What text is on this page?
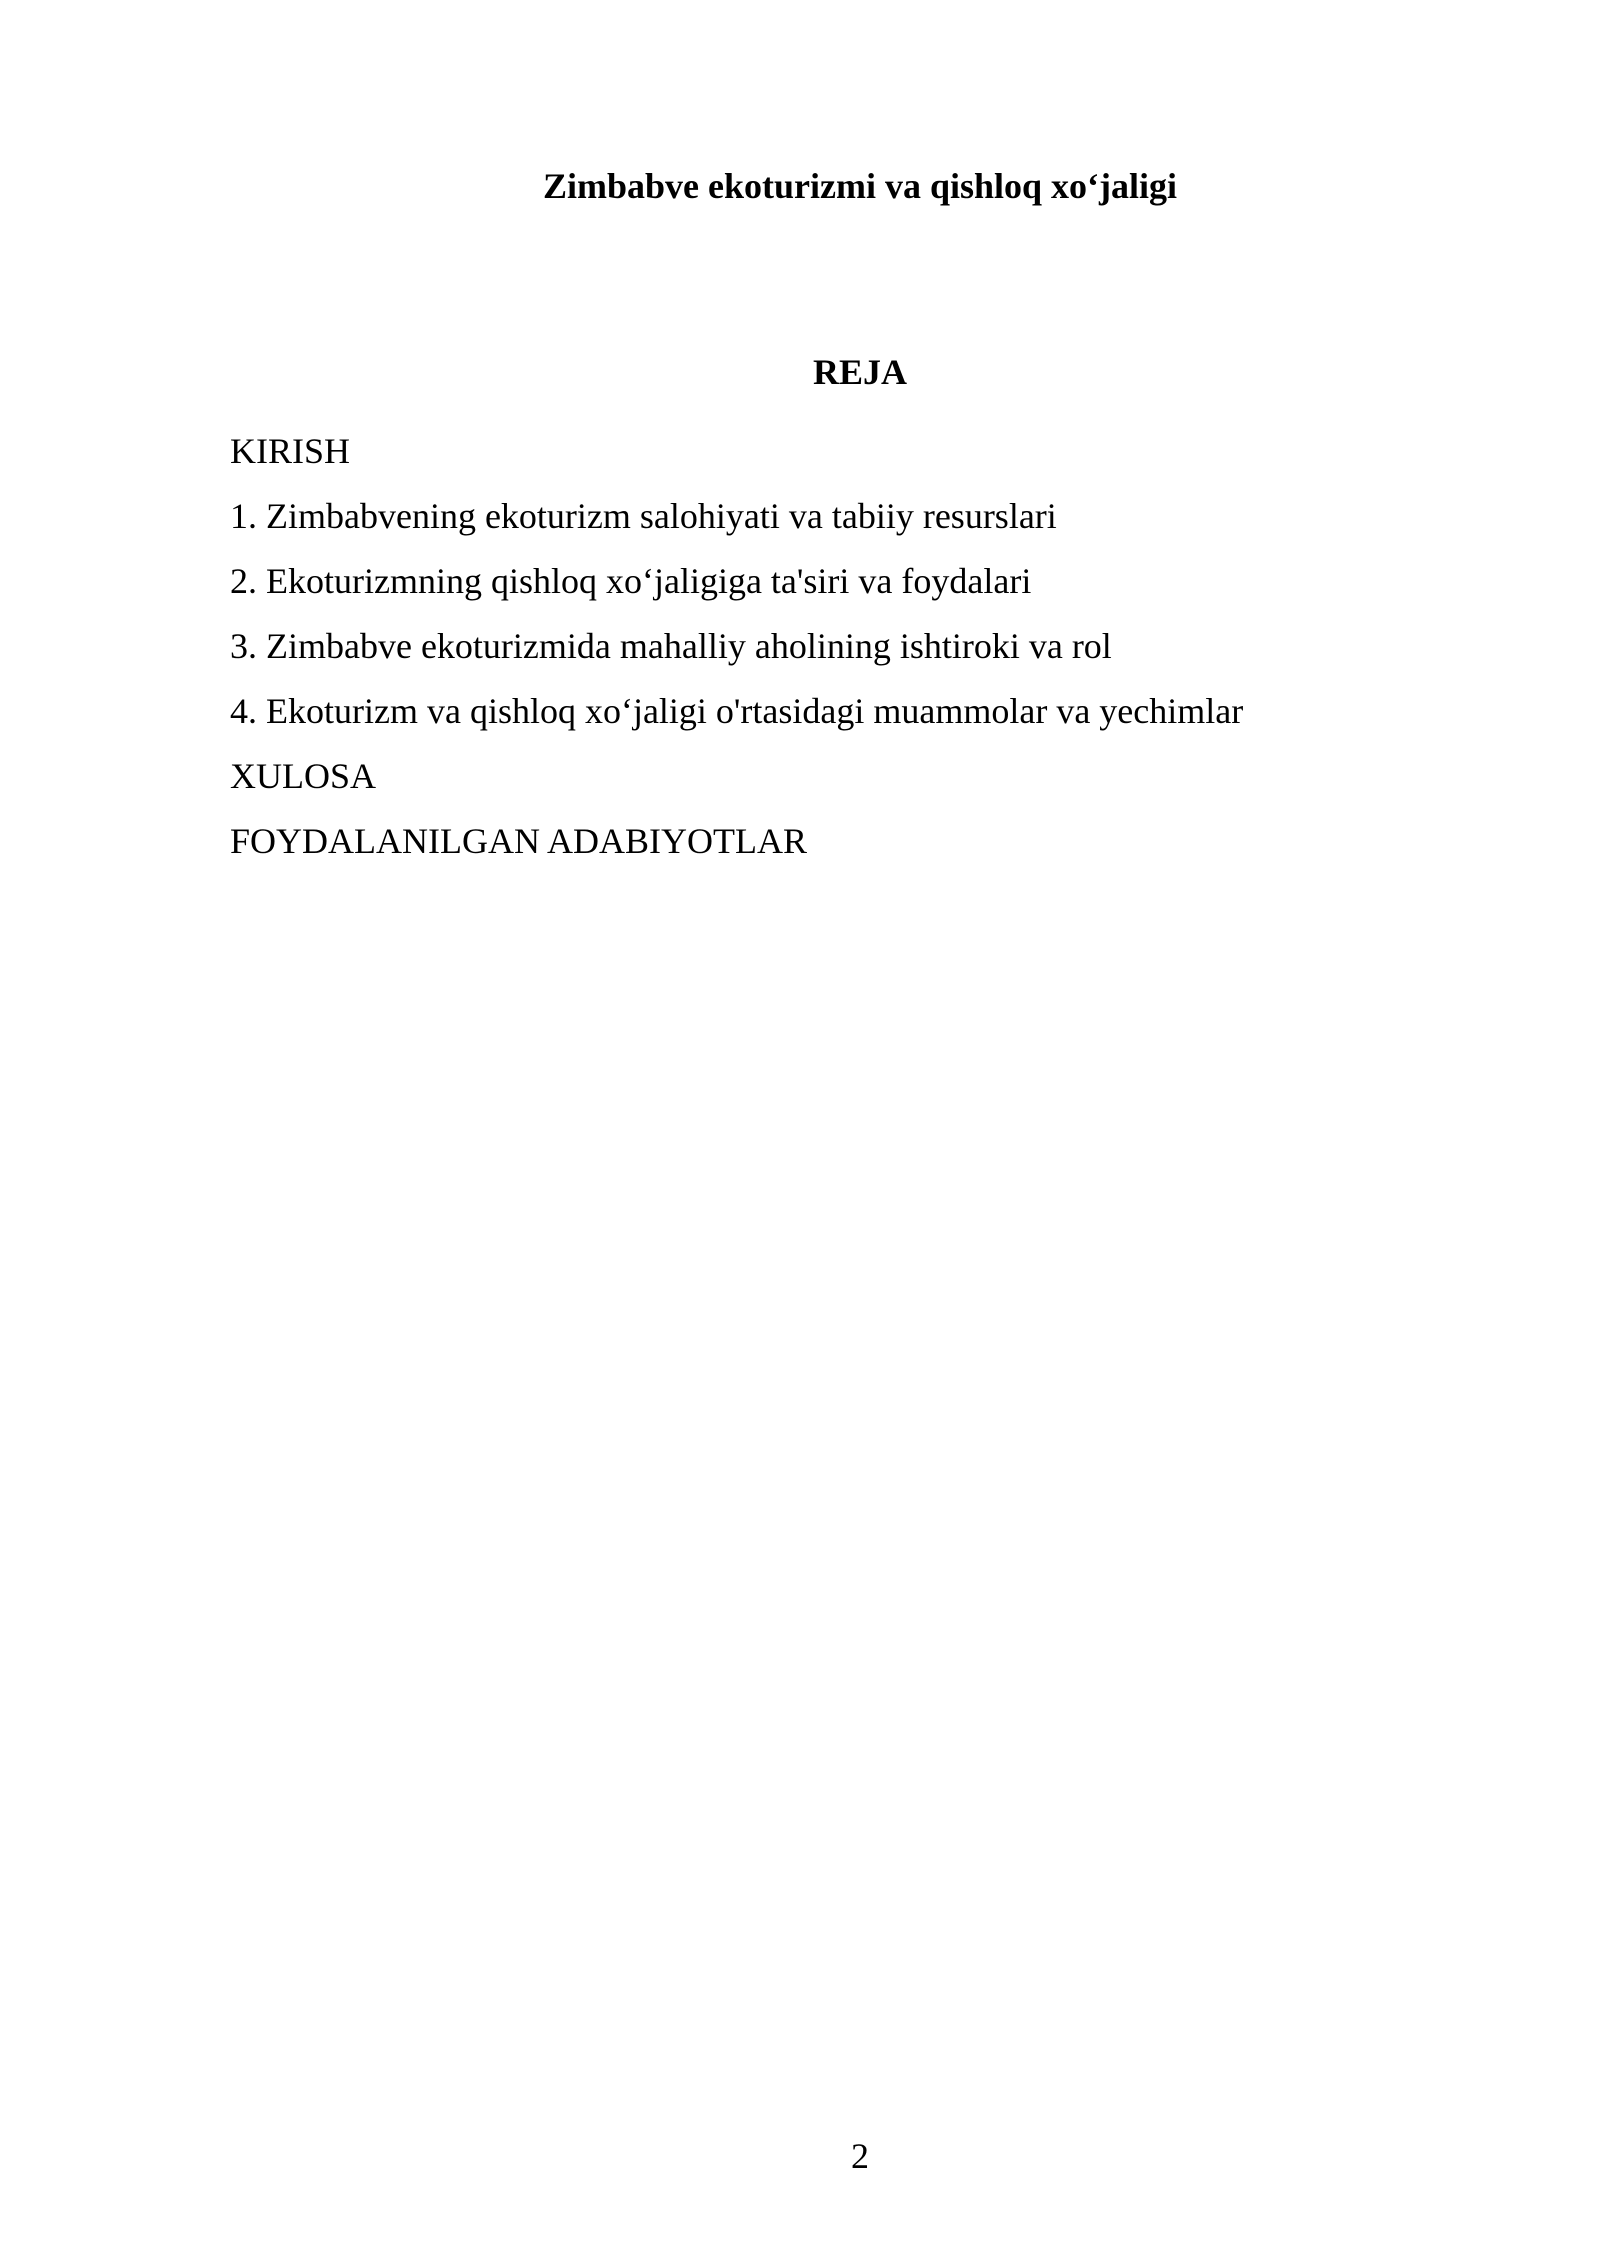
Zimbabve ekoturizmi va qishloq xo‘jaligi
REJA
KIRISH
1. Zimbabvening ekoturizm salohiyati va tabiiy resurslari
2. Ekoturizmning qishloq xo‘jaligiga ta'siri va foydalari
3. Zimbabve ekoturizmida mahalliy aholining ishtiroki va rol
4. Ekoturizm va qishloq xo‘jaligi o'rtasidagi muammolar va yechimlar
XULOSA
FOYDALANILGAN ADABIYOTLAR
2
